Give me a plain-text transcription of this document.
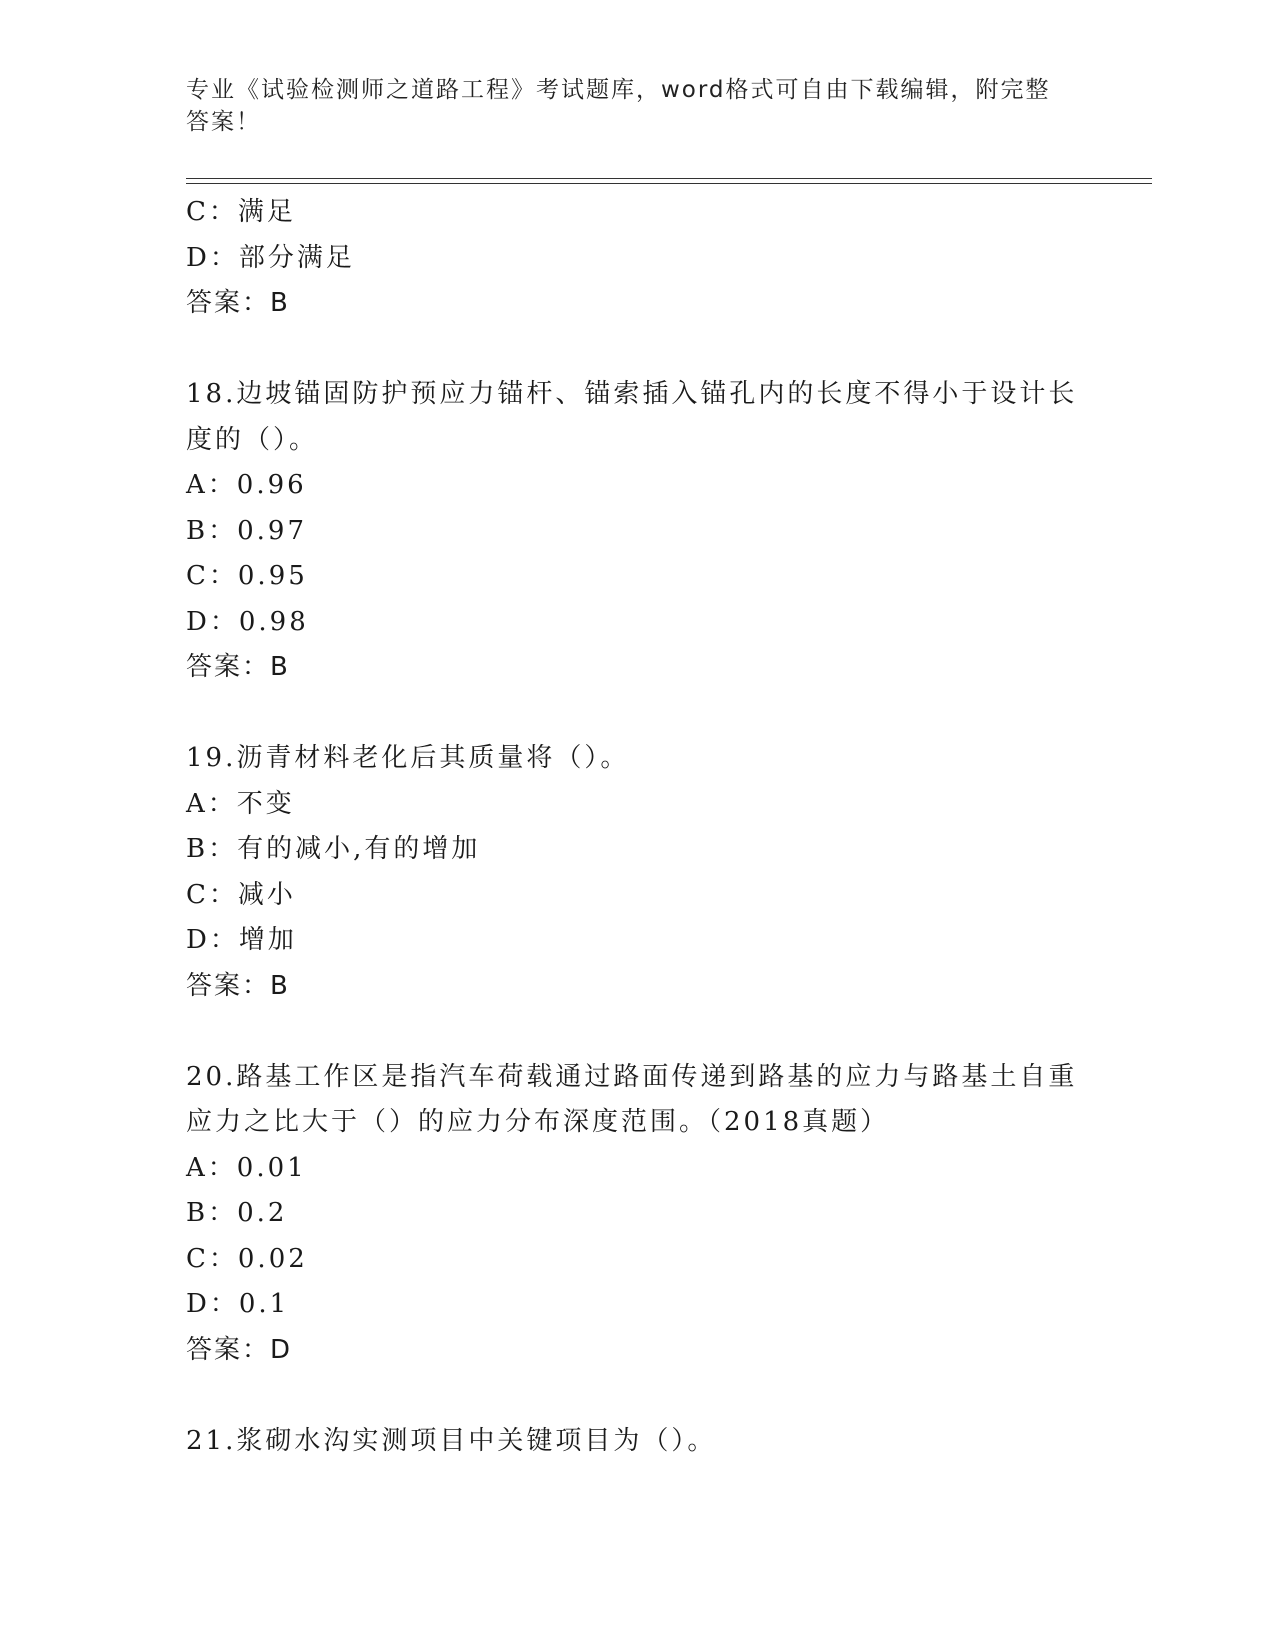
专业《试验检测师之道路工程》考试题库，word格式可自由下载编辑，附完整答案！
C：满足
D：部分满足
答案：B
18.边坡锚固防护预应力锚杆、锚索插入锚孔内的长度不得小于设计长
度的（）。
A：0.96
B：0.97
C：0.95
D：0.98
答案：B
19.沥青材料老化后其质量将（）。
A：不变
B：有的减小,有的增加
C：减小
D：增加
答案：B
20.路基工作区是指汽车荷载通过路面传递到路基的应力与路基土自重
应力之比大于（）的应力分布深度范围。（2018真题）
A：0.01
B：0.2
C：0.02
D：0.1
答案：D
21.浆砌水沟实测项目中关键项目为（）。
